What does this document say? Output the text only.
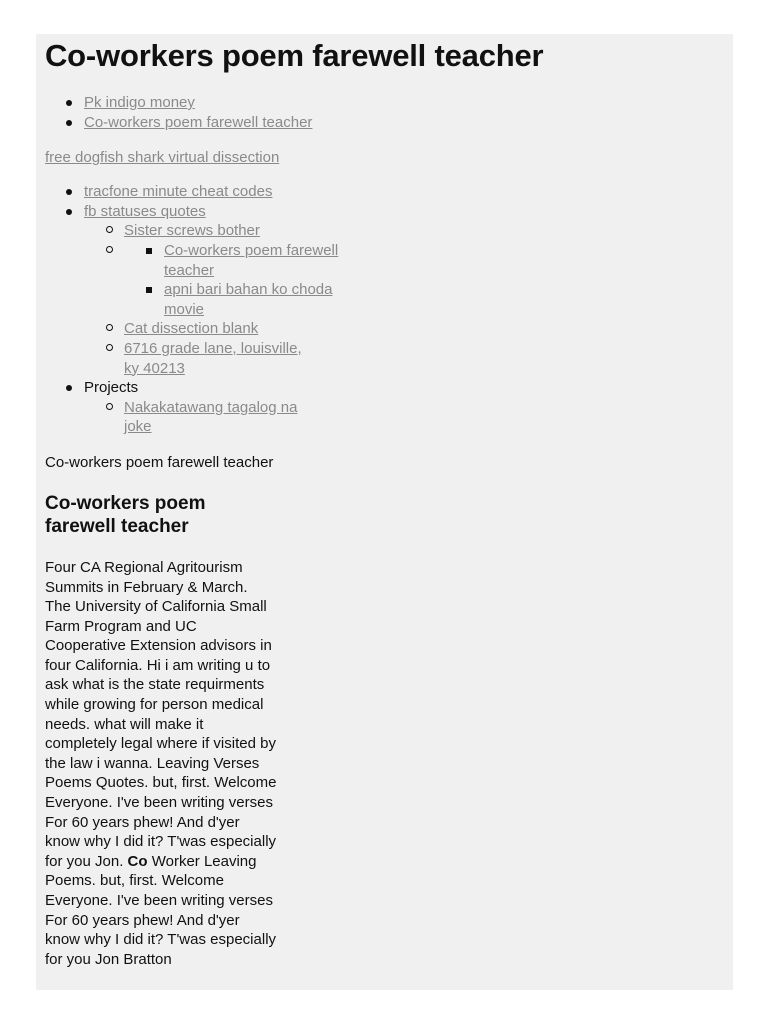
Co-workers poem farewell teacher
Pk indigo money
Co-workers poem farewell teacher
free dogfish shark virtual dissection
tracfone minute cheat codes
fb statuses quotes
Sister screws bother
Co-workers poem farewell teacher
apni bari bahan ko choda movie
Cat dissection blank
6716 grade lane, louisville, ky 40213
Projects
Nakakatawang tagalog na joke
Co-workers poem farewell teacher
Co-workers poem farewell teacher

Four CA Regional Agritourism Summits in February & March. The University of California Small Farm Program and UC Cooperative Extension advisors in four California. Hi i am writing u to ask what is the state requirments while growing for person medical needs. what will make it completely legal where if visited by the law i wanna. Leaving Verses Poems Quotes. but, first. Welcome Everyone. I've been writing verses For 60 years phew! And d'yer know why I did it? T'was especially for you Jon. Co Worker Leaving Poems. but, first. Welcome Everyone. I've been writing verses For 60 years phew! And d'yer know why I did it? T'was especially for you Jon Bratton
